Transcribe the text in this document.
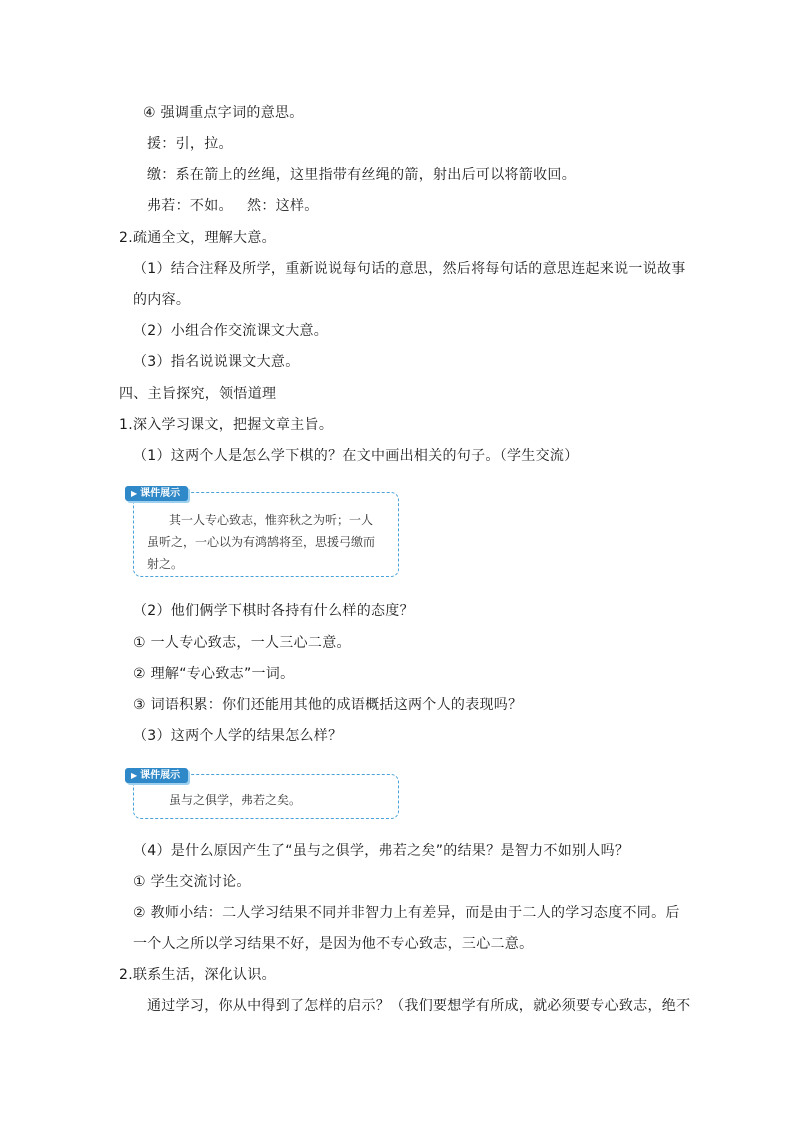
④ 强调重点字词的意思。
援：引，拉。
缴：系在箭上的丝绳，这里指带有丝绳的箭，射出后可以将箭收回。
弗若：不如。   然：这样。
2.疏通全文，理解大意。
（1）结合注释及所学，重新说说每句话的意思，然后将每句话的意思连起来说一说故事
的内容。
（2）小组合作交流课文大意。
（3）指名说说课文大意。
四、主旨探究，领悟道理
1.深入学习课文，把握文章主旨。
（1）这两个人是怎么学下棋的？在文中画出相关的句子。（学生交流）
▶ 课件展示
其一人专心致志，惟弈秋之为听；一人
虽听之，一心以为有鸿鹄将至，思援弓缴而
射之。
（2）他们俩学下棋时各持有什么样的态度？
① 一人专心致志，一人三心二意。
② 理解“专心致志”一词。
③ 词语积累：你们还能用其他的成语概括这两个人的表现吗？
（3）这两个人学的结果怎么样？
▶ 课件展示
虽与之俱学，弗若之矣。
（4）是什么原因产生了“虽与之俱学，弗若之矣”的结果？是智力不如别人吗？
① 学生交流讨论。
② 教师小结：二人学习结果不同并非智力上有差异，而是由于二人的学习态度不同。后
一个人之所以学习结果不好，是因为他不专心致志，三心二意。
2.联系生活，深化认识。
通过学习，你从中得到了怎样的启示？（我们要想学有所成，就必须要专心致志，绝不
